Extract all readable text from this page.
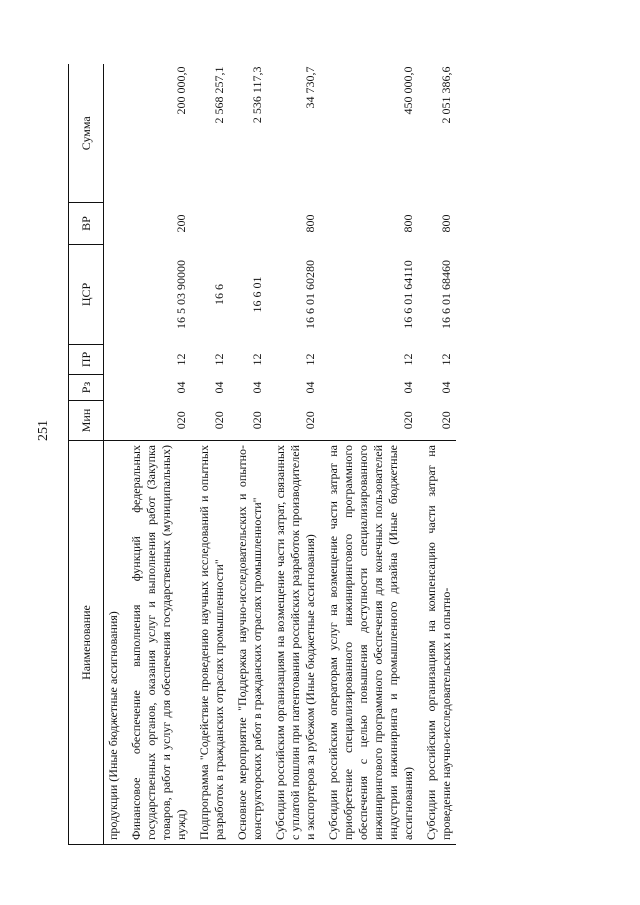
251
Наименование	Мин	Рз	ПР	ЦСР	ВР	Сумма
продукции (Иные бюджетные ассигнования)						
Финансовое обеспечение выполнения функций федеральных государственных органов, оказания услуг и выполнения работ (Закупка товаров, работ и услуг для обеспечения государственных (муниципальных) нужд)	020	04	12	16 5 03 90000	200	200 000,0
Подпрограмма "Содействие проведению научных исследований и опытных разработок в гражданских отраслях промышленности"	020	04	12	16 6		2 568 257,1
Основное мероприятие "Поддержка научно-исследовательских и опытно-конструкторских работ в гражданских отраслях промышленности"	020	04	12	16 6 01		2 536 117,3
Субсидии российским организациям на возмещение части затрат, связанных с уплатой пошлин при патентовании российских разработок производителей и экспортеров за рубежом (Иные бюджетные ассигнования)	020	04	12	16 6 01 60280	800	34 730,7
Субсидии российским операторам услуг на возмещение части затрат на приобретение специализированного инжинирингового программного обеспечения с целью повышения доступности специализированного инжинирингового программного обеспечения для конечных пользователей индустрии инжиниринга и промышленного дизайна (Иные бюджетные ассигнования)	020	04	12	16 6 01 64110	800	450 000,0
Субсидии российским организациям на компенсацию части затрат на проведение научно-исследовательских и опытно-	020	04	12	16 6 01 68460	800	2 051 386,6
